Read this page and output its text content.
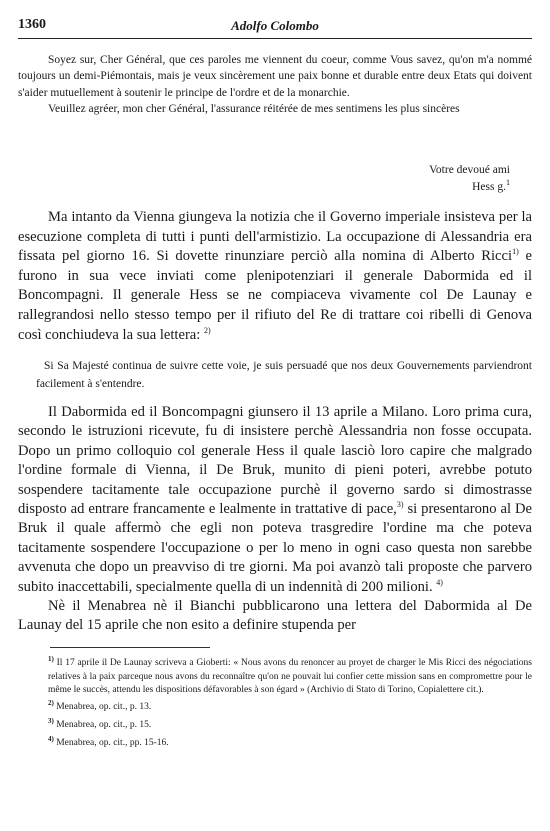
1360	Adolfo Colombo

Soyez sur, Cher Général, que ces paroles me viennent du coeur, comme Vous savez, qu'on m'a nommé toujours un demi-Piémontais, mais je veux sincèrement une paix bonne et durable entre deux Etats qui doivent s'aider mutuellement à soutenir le principe de l'ordre et de la monarchie.

Veuillez agréer, mon cher Général, l'assurance réitérée de mes sentimens les plus sincères

Votre devoué ami
Hess g.$^1$

Ma intanto da Vienna giungeva la notizia che il Governo imperiale insisteva per la esecuzione completa di tutti i punti dell'armistizio. La occupazione di Alessandria era fissata pel giorno 16. Si dovette rinunziare perciò alla nomina di Alberto Ricci$^{1)}$ e furono in sua vece inviati come plenipotenziari il generale Dabormida ed il Boncompagni. Il generale Hess se ne compiaceva vivamente col De Launay e rallegrandosi nello stesso tempo per il rifiuto del Re di trattare coi ribelli di Genova così conchiudeva la sua lettera: $^{2)}$

Si Sa Majesté continua de suivre cette voie, je suis persuadé que nos deux Gouvernements parviendront facilement à s'entendre.

Il Dabormida ed il Boncompagni giunsero il 13 aprile a Milano. Loro prima cura, secondo le istruzioni ricevute, fu di insistere perchè Alessandria non fosse occupata. Dopo un primo colloquio col generale Hess il quale lasciò loro capire che malgrado l'ordine formale di Vienna, il De Bruk, munito di pieni poteri, avrebbe potuto sospendere tacitamente tale occupazione purchè il governo sardo si dimostrasse disposto ad entrare francamente e lealmente in trattative di pace,$^{3)}$ si presentarono al De Bruk il quale affermò che egli non poteva trasgredire l'ordine ma che poteva tacitamente sospendere l'occupazione o per lo meno in ogni caso questa non sarebbe avvenuta che dopo un preavviso di tre giorni. Ma poi avanzò tali proposte che parvero subito inaccettabili, specialmente quella di un indennità di 200 milioni. $^{4)}$

Nè il Menabrea nè il Bianchi pubblicarono una lettera del Dabormida al De Launay del 15 aprile che non esito a definire stupenda per

$^{1)}$ Il 17 aprile il De Launay scriveva a Gioberti: « Nous avons du renoncer au proyet de charger le Mis Ricci des négociations relatives à la paix parceque nous avons du reconnaître qu'on ne pouvait lui confier cette mission sans en compromettre pour le même le succès, attendu les dispositions défavorables à son égard » (Archivio di Stato di Torino, Copialettere cit.).

$^{2)}$ Menabrea, op. cit., p. 13.

$^{3)}$ Menabrea, op. cit., p. 15.

$^{4)}$ Menabrea, op. cit., pp. 15-16.
